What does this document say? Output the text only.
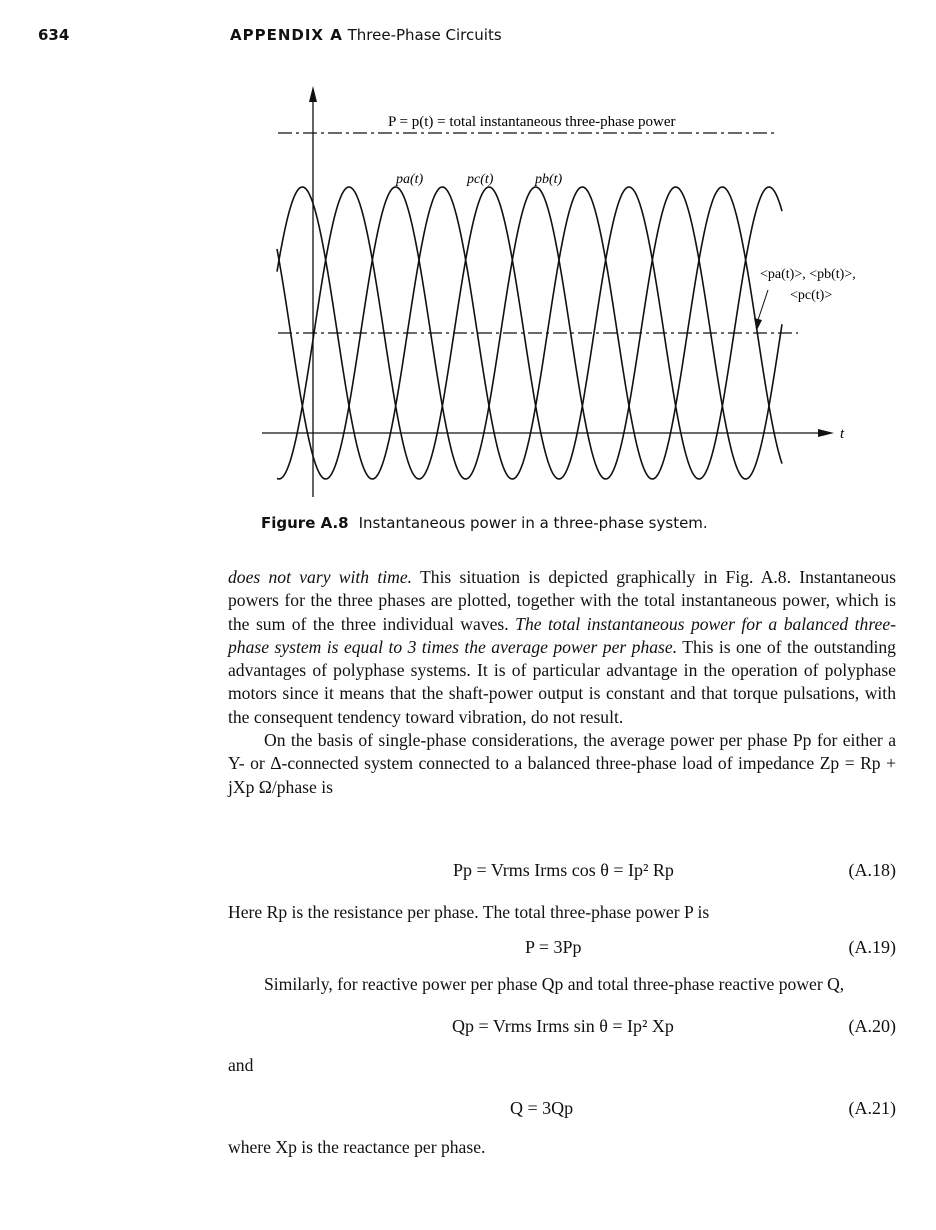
634	APPENDIX A Three-Phase Circuits
P = p(t) = total instantaneous three-phase power
pa(t)	pc(t)	pb(t)
<pa(t)>, <pb(t)>,
<pc(t)>
t
Figure A.8 Instantaneous power in a three-phase system.

does not vary with time. This situation is depicted graphically in Fig. A.8. Instantaneous powers for the three phases are plotted, together with the total instantaneous power, which is the sum of the three individual waves. The total instantaneous power for a balanced three-phase system is equal to 3 times the average power per phase. This is one of the outstanding advantages of polyphase systems. It is of particular advantage in the operation of polyphase motors since it means that the shaft-power output is constant and that torque pulsations, with the consequent tendency toward vibration, do not result.

On the basis of single-phase considerations, the average power per phase Pp for either a Y- or Δ-connected system connected to a balanced three-phase load of impedance Zp = Rp + jXp Ω/phase is

Pp = Vrms Irms cos θ = Ip² Rp	(A.18)
Here Rp is the resistance per phase. The total three-phase power P is
P = 3Pp	(A.19)
Similarly, for reactive power per phase Qp and total three-phase reactive power Q,
Qp = Vrms Irms sin θ = Ip² Xp	(A.20)
and
Q = 3Qp	(A.21)
where Xp is the reactance per phase.
